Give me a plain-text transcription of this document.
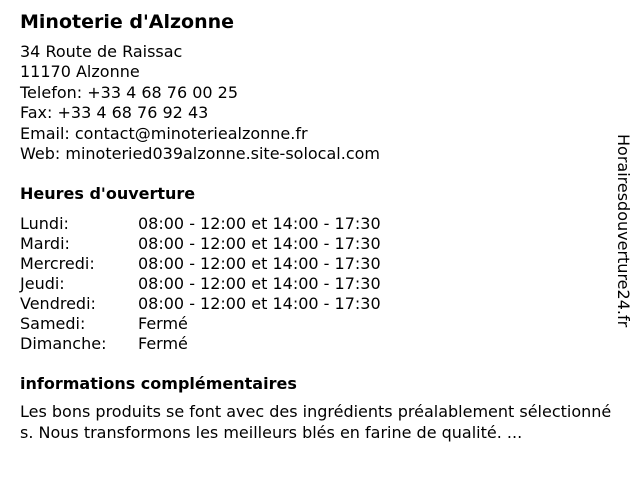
Minoterie d'Alzonne
34 Route de Raissac
11170 Alzonne
Telefon: +33 4 68 76 00 25
Fax: +33 4 68 76 92 43
Email: contact@minoteriealzonne.fr
Web: minoteried039alzonne.site-solocal.com
Heures d'ouverture
Lundi:	08:00 - 12:00 et 14:00 - 17:30
Mardi:	08:00 - 12:00 et 14:00 - 17:30
Mercredi:	08:00 - 12:00 et 14:00 - 17:30
Jeudi:	08:00 - 12:00 et 14:00 - 17:30
Vendredi:	08:00 - 12:00 et 14:00 - 17:30
Samedi:	Fermé
Dimanche:	Fermé
informations complémentaires

Les bons produits se font avec des ingrédients préalablement sélectionnés. Nous transformons les meilleurs blés en farine de qualité. ...

Horairesdouverture24.fr
